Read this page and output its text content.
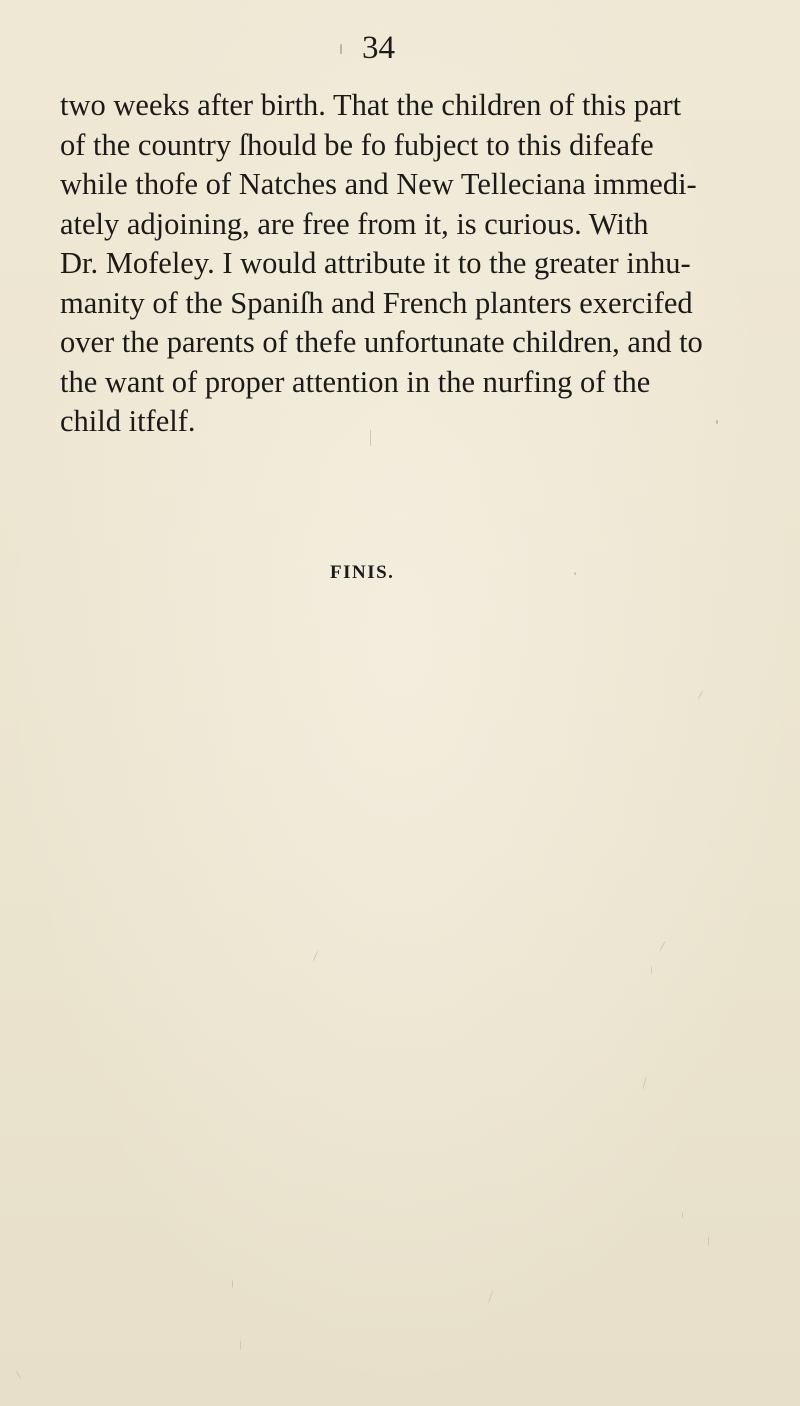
34
two weeks after birth. That the children of this part
of the country ſhould be fo fubject to this difeafe
while thofe of Natches and New Telleciana immedi-
ately adjoining, are free from it, is curious. With
Dr. Mofeley. I would attribute it to the greater inhu-
manity of the Spaniſh and French planters exercifed
over the parents of thefe unfortunate children, and to
the want of proper attention in the nurfing of the
child itfelf.
FINIS.
